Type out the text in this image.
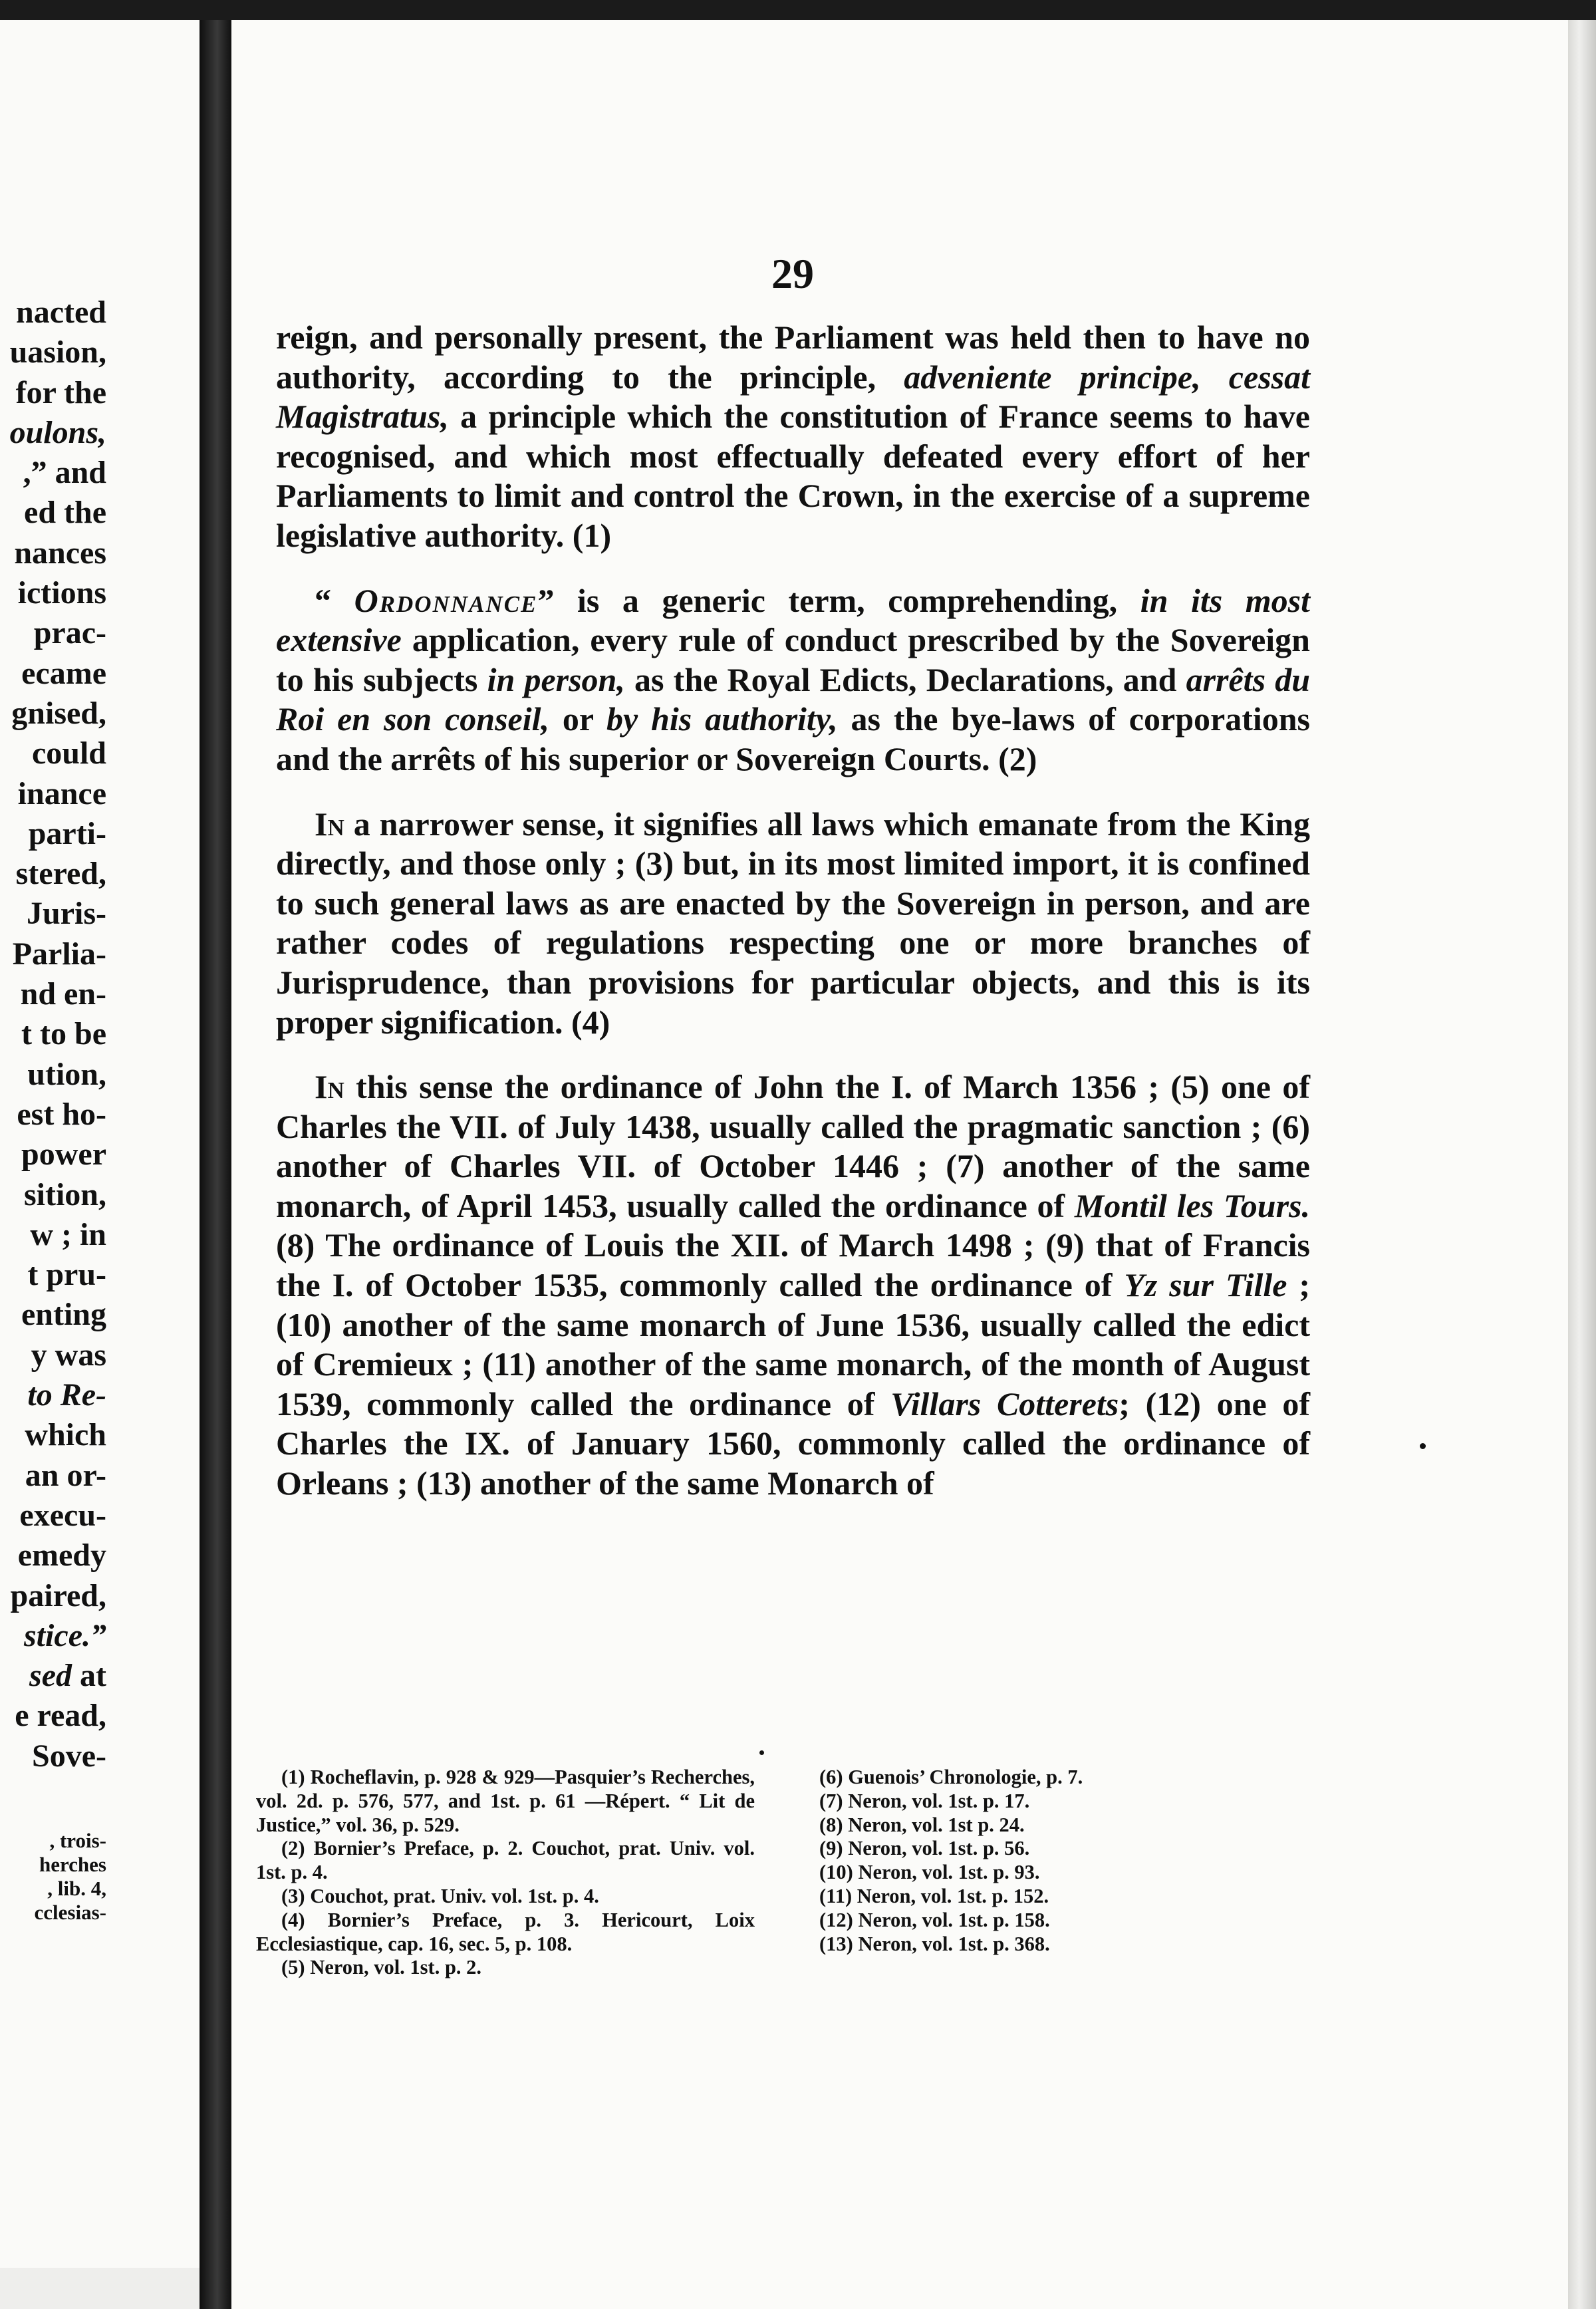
nacted
uasion,
for the
oulons,
,” and
ed the
nances
ictions
prac-
ecame
gnised,
could
inance
parti-
stered,
Juris-
Parlia-
nd en-
t to be
ution,
est ho-
power
sition,
w ; in
t pru-
enting
y was
to Re-
which
an or-
execu-
emedy
paired,
stice.”
sed at
e read,
Sove-
, trois-
herches
, lib. 4,
cclesias-
29

reign, and personally present, the Parliament was held then to have no authority, according to the principle, adveniente principe, cessat Magistratus, a principle which the constitution of France seems to have recognised, and which most effectually defeated every effort of her Parliaments to limit and control the Crown, in the exercise of a supreme legislative authority. (1)

“ Ordonnance” is a generic term, comprehending, in its most extensive application, every rule of conduct prescribed by the Sovereign to his subjects in person, as the Royal Edicts, Declarations, and arrêts du Roi en son conseil, or by his authority, as the bye-laws of corporations and the arrêts of his superior or Sovereign Courts. (2)

In a narrower sense, it signifies all laws which emanate from the King directly, and those only ; (3) but, in its most limited import, it is confined to such general laws as are enacted by the Sovereign in person, and are rather codes of regulations respecting one or more branches of Jurisprudence, than provisions for particular objects, and this is its proper signification. (4)

In this sense the ordinance of John the I. of March 1356 ; (5) one of Charles the VII. of July 1438, usually called the pragmatic sanction ; (6) another of Charles VII. of October 1446 ; (7) another of the same monarch, of April 1453, usually called the ordinance of Montil les Tours. (8) The ordinance of Louis the XII. of March 1498 ; (9) that of Francis the I. of October 1535, commonly called the ordinance of Yz sur Tille ; (10) another of the same monarch of June 1536, usually called the edict of Cremieux ; (11) another of the same monarch, of the month of August 1539, commonly called the ordinance of Villars Cotterets; (12) one of Charles the IX. of January 1560, commonly called the ordinance of Orleans ; (13) another of the same Monarch of

(1) Rocheflavin, p. 928 & 929—Pasquier’s Recherches, vol. 2d. p. 576, 577, and 1st. p. 61 —Répert. “ Lit de Justice,” vol. 36, p. 529.

(2) Bornier’s Preface, p. 2. Couchot, prat. Univ. vol. 1st. p. 4.

(3) Couchot, prat. Univ. vol. 1st. p. 4.

(4) Bornier’s Preface, p. 3. Hericourt, Loix Ecclesiastique, cap. 16, sec. 5, p. 108.

(5) Neron, vol. 1st. p. 2.

(6) Guenois’ Chronologie, p. 7.

(7) Neron, vol. 1st. p. 17.

(8) Neron, vol. 1st p. 24.

(9) Neron, vol. 1st. p. 56.

(10) Neron, vol. 1st. p. 93.

(11) Neron, vol. 1st. p. 152.

(12) Neron, vol. 1st. p. 158.

(13) Neron, vol. 1st. p. 368.
